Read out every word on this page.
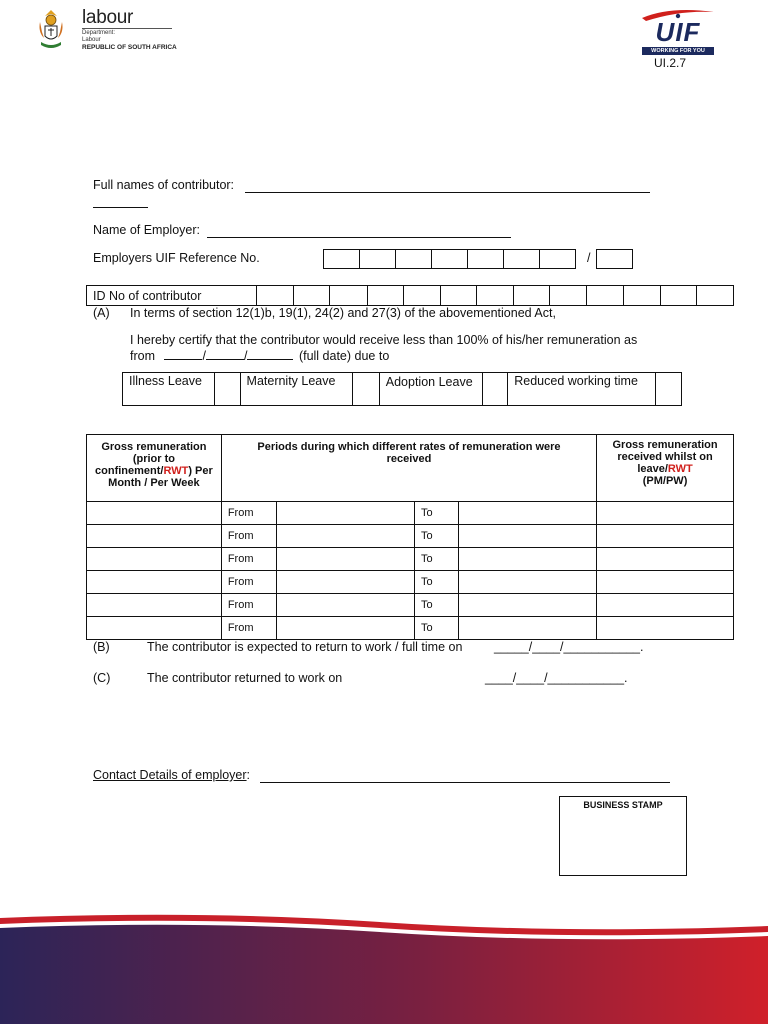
labour
Department:
Labour
REPUBLIC OF SOUTH AFRICA
UIF
WORKING FOR YOU
UI.2.7
Full names of contributor:
Name of Employer:
Employers UIF Reference No.	/
ID No of contributor
(A) In terms of section 12(1)b, 19(1), 24(2) and 27(3) of the abovementioned Act,
I hereby certify that the contributor would receive less than 100% of his/her remuneration as
from	/	/	(full date) due to
Illness Leave	Maternity Leave	Adoption Leave	Reduced working time
Gross remuneration (prior to confinement/RWT) Per Month / Per Week	Periods during which different rates of remuneration were received				Gross remuneration received whilst on leave/RWT
(PM/PW)
	From		To		
	From		To		
	From		To		
	From		To		
	From		To		
	From		To		
(B)	The contributor is expected to return to work / full time on	_____/____/___________.
(C)	The contributor returned to work on	____/____/___________.
Contact Details of employer:
BUSINESS STAMP
